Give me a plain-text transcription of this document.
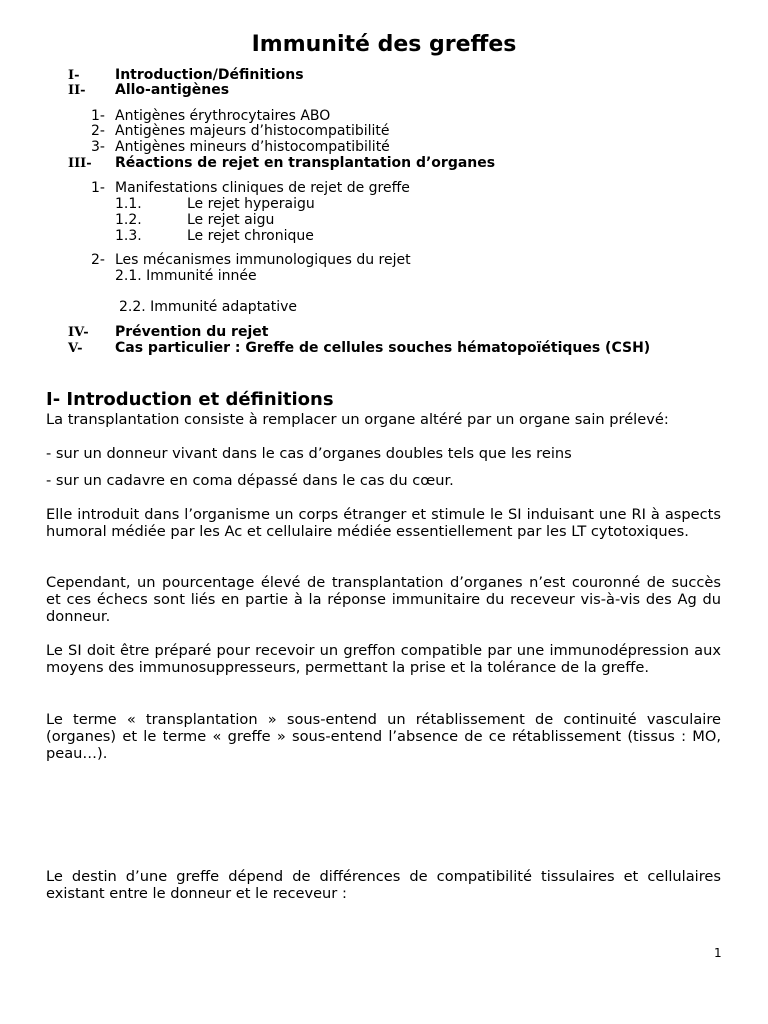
Immunité des greffes
I-	Introduction/Définitions
II-	Allo-antigènes
1- Antigènes érythrocytaires ABO
2- Antigènes majeurs d’histocompatibilité
3- Antigènes mineurs d’histocompatibilité
III-	Réactions de rejet en transplantation d’organes
1- Manifestations cliniques de rejet de greffe
1.1.	Le rejet hyperaigu
1.2.	Le rejet aigu
1.3.	Le rejet chronique
2- Les mécanismes immunologiques du rejet
2.1. Immunité innée
2.2. Immunité adaptative
IV-	Prévention du rejet
V-	Cas particulier : Greffe de cellules souches hématopoïétiques (CSH)
I- Introduction et définitions

La transplantation consiste à remplacer un organe altéré par un organe sain prélevé:

- sur un donneur vivant dans le cas d’organes doubles tels que les reins

- sur un cadavre en coma dépassé dans le cas du cœur.

Elle introduit dans l’organisme un corps étranger et stimule le SI induisant une RI à aspects humoral médiée par les Ac et cellulaire médiée essentiellement par les LT cytotoxiques.

Cependant, un pourcentage élevé de transplantation d’organes n’est couronné de succès et ces échecs sont liés en partie à la réponse immunitaire du receveur vis-à-vis des Ag du donneur.

Le SI doit être préparé pour recevoir un greffon compatible par une immunodépression aux moyens des immunosuppresseurs, permettant la prise et la tolérance de la greffe.

Le terme « transplantation » sous-entend un rétablissement de continuité vasculaire (organes) et le terme « greffe » sous-entend l’absence de ce rétablissement (tissus : MO, peau…).

Le destin d’une greffe dépend de différences de compatibilité tissulaires et cellulaires existant entre le donneur et le receveur :

1
